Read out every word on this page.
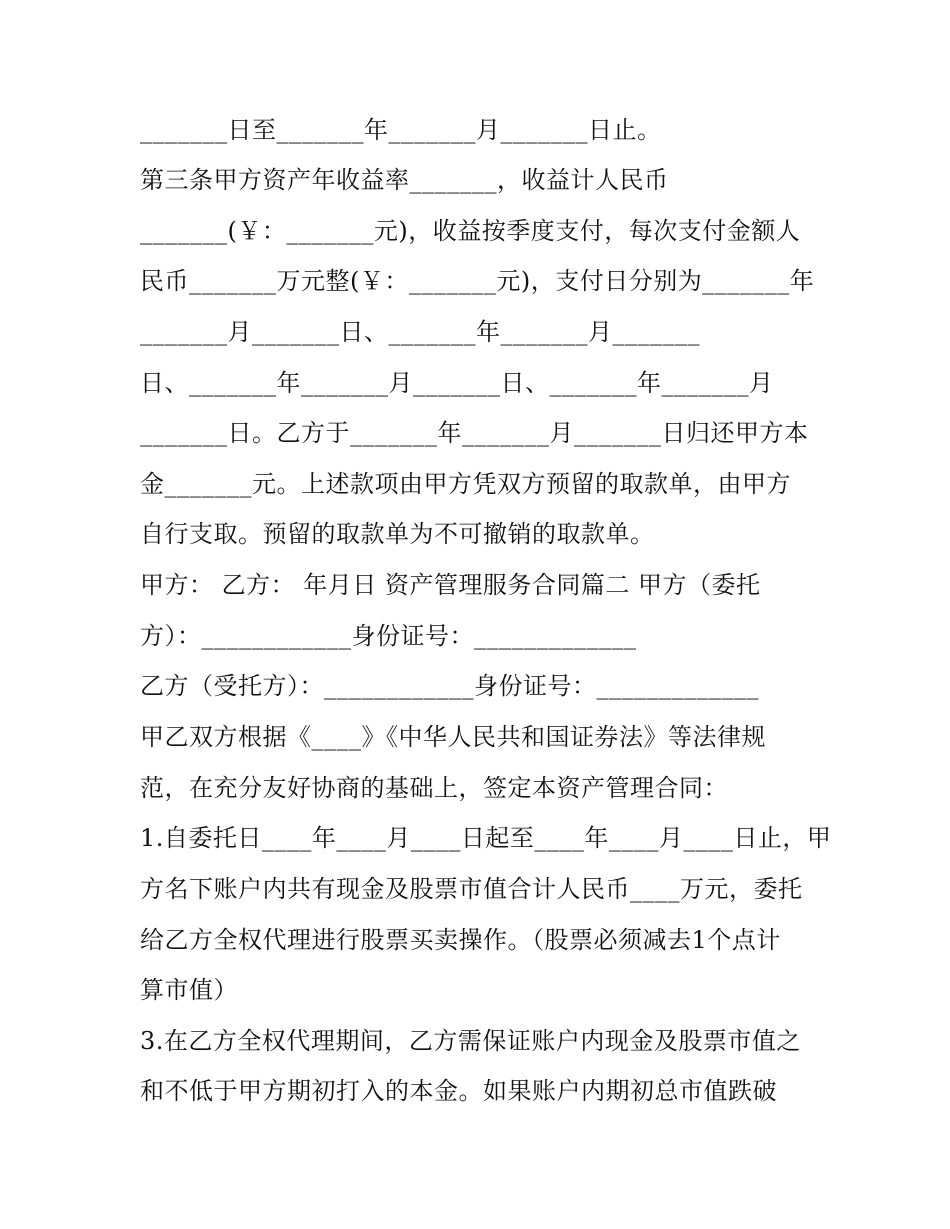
_______日至_______年_______月_______日止。
第三条甲方资产年收益率_______，收益计人民币
_______(￥：_______元)，收益按季度支付，每次支付金额人
民币_______万元整(￥：_______元)，支付日分别为_______年
_______月_______日、_______年_______月_______
日、_______年_______月_______日、_______年_______月
_______日。乙方于_______年_______月_______日归还甲方本
金_______元。上述款项由甲方凭双方预留的取款单，由甲方
自行支取。预留的取款单为不可撤销的取款单。
甲方： 乙方： 年月日 资产管理服务合同篇二 甲方（委托
方）：____________身份证号：_____________
乙方（受托方）：____________身份证号：_____________
甲乙双方根据《____》《中华人民共和国证券法》等法律规
范，在充分友好协商的基础上，签定本资产管理合同：
1.自委托日____年____月____日起至____年____月____日止，甲
方名下账户内共有现金及股票市值合计人民币____万元，委托
给乙方全权代理进行股票买卖操作。（股票必须减去1个点计
算市值）
3.在乙方全权代理期间，乙方需保证账户内现金及股票市值之
和不低于甲方期初打入的本金。如果账户内期初总市值跌破
